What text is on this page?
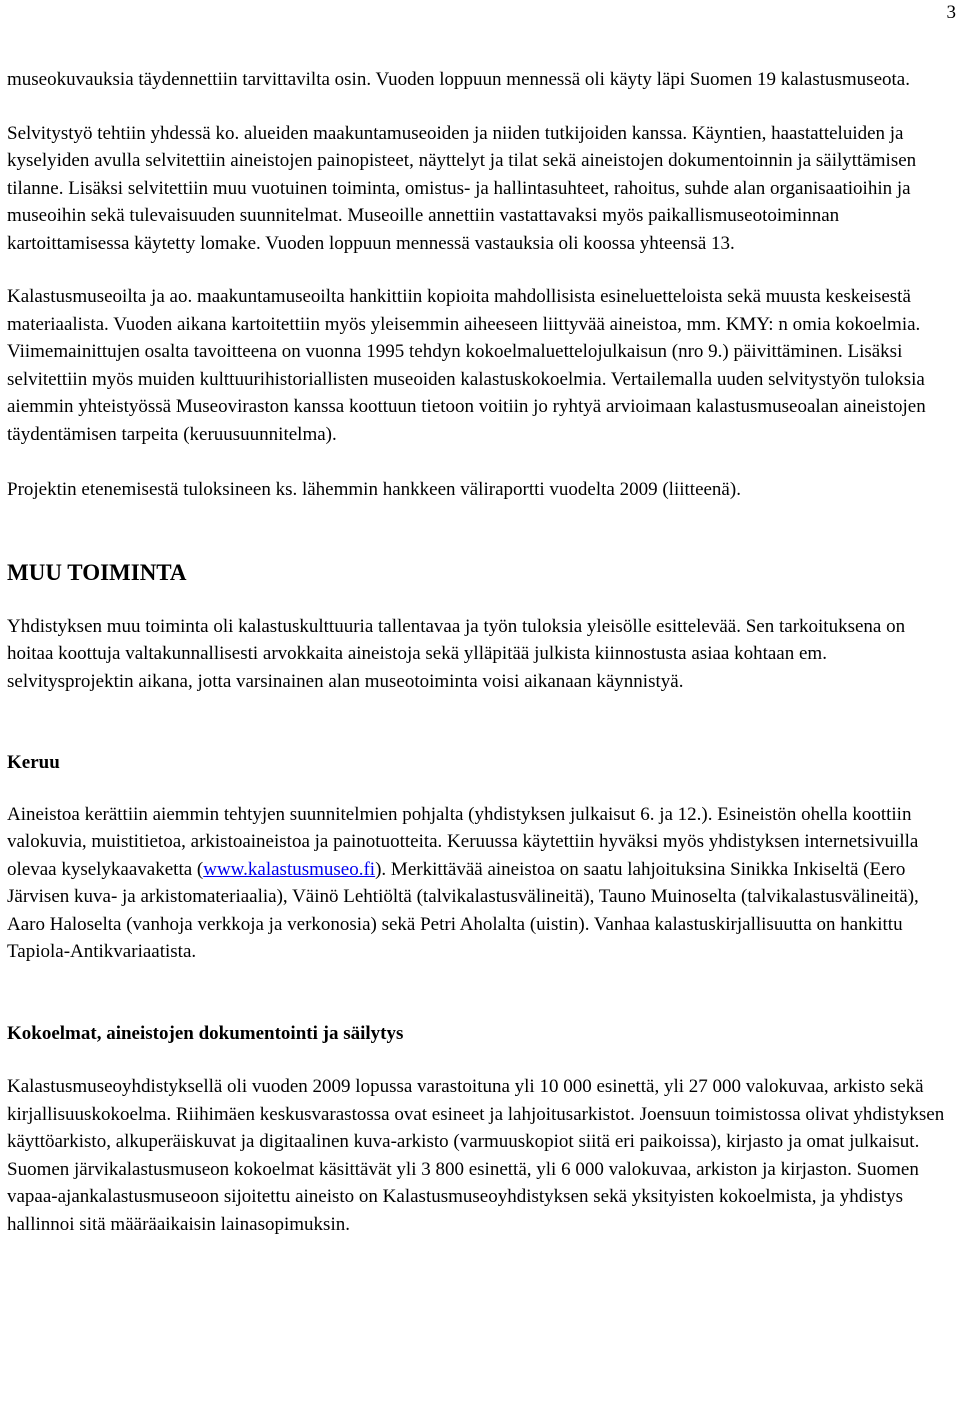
3

museokuvauksia täydennettiin tarvittavilta osin. Vuoden loppuun mennessä oli käyty läpi Suomen 19 kalastusmuseota.

Selvitystyö tehtiin yhdessä ko. alueiden maakuntamuseoiden ja niiden tutkijoiden kanssa. Käyntien, haastatteluiden ja kyselyiden avulla selvitettiin aineistojen painopisteet, näyttelyt ja tilat sekä aineistojen dokumentoinnin ja säilyttämisen tilanne. Lisäksi selvitettiin muu vuotuinen toiminta, omistus- ja hallintasuhteet, rahoitus, suhde alan organisaatioihin ja museoihin sekä tulevaisuuden suunnitelmat. Museoille annettiin vastattavaksi myös paikallismuseotoiminnan kartoittamisessa käytetty lomake. Vuoden loppuun mennessä vastauksia oli koossa yhteensä 13.

Kalastusmuseoilta ja ao. maakuntamuseoilta hankittiin kopioita mahdollisista esineluetteloista sekä muusta keskeisestä materiaalista. Vuoden aikana kartoitettiin myös yleisemmin aiheeseen liittyvää aineistoa, mm. KMY: n omia kokoelmia. Viimemainittujen osalta tavoitteena on vuonna 1995 tehdyn kokoelmaluettelojulkaisun (nro 9.) päivittäminen. Lisäksi selvitettiin myös muiden kulttuurihistoriallisten museoiden kalastuskokoelmia. Vertailemalla uuden selvitystyön tuloksia aiemmin yhteistyössä Museoviraston kanssa koottuun tietoon voitiin jo ryhtyä arvioimaan kalastusmuseoalan aineistojen täydentämisen tarpeita (keruusuunnitelma).

Projektin etenemisestä tuloksineen ks. lähemmin hankkeen väliraportti vuodelta 2009 (liitteenä).

MUU TOIMINTA

Yhdistyksen muu toiminta oli kalastuskulttuuria tallentavaa ja työn tuloksia yleisölle esittelevää. Sen tarkoituksena on hoitaa koottuja valtakunnallisesti arvokkaita aineistoja sekä ylläpitää julkista kiinnostusta asiaa kohtaan em. selvitysprojektin aikana, jotta varsinainen alan museotoiminta voisi aikanaan käynnistyä.

Keruu

Aineistoa kerättiin aiemmin tehtyjen suunnitelmien pohjalta (yhdistyksen julkaisut 6. ja 12.). Esineistön ohella koottiin valokuvia, muistitietoa, arkistoaineistoa ja painotuotteita. Keruussa käytettiin hyväksi myös yhdistyksen internetsivuilla olevaa kyselykaavaketta (www.kalastusmuseo.fi). Merkittävää aineistoa on saatu lahjoituksina Sinikka Inkiseltä (Eero Järvisen kuva- ja arkistomateriaalia), Väinö Lehtiöltä (talvikalastusvälineitä), Tauno Muinoselta (talvikalastusvälineitä), Aaro Haloselta (vanhoja verkkoja ja verkonosia) sekä Petri Aholalta (uistin). Vanhaa kalastuskirjallisuutta on hankittu Tapiola-Antikvariaatista.

Kokoelmat, aineistojen dokumentointi ja säilytys

Kalastusmuseoyhdistyksellä oli vuoden 2009 lopussa varastoituna yli 10 000 esinettä, yli 27 000 valokuvaa, arkisto sekä kirjallisuuskokoelma. Riihimäen keskusvarastossa ovat esineet ja lahjoitusarkistot. Joensuun toimistossa olivat yhdistyksen käyttöarkisto, alkuperäiskuvat ja digitaalinen kuva-arkisto (varmuuskopiot siitä eri paikoissa), kirjasto ja omat julkaisut. Suomen järvikalastusmuseon kokoelmat käsittävät yli 3 800 esinettä, yli 6 000 valokuvaa, arkiston ja kirjaston. Suomen vapaa-ajankalastusmuseoon sijoitettu aineisto on Kalastusmuseoyhdistyksen sekä yksityisten kokoelmista, ja yhdistys hallinnoi sitä määräaikaisin lainasopimuksin.
